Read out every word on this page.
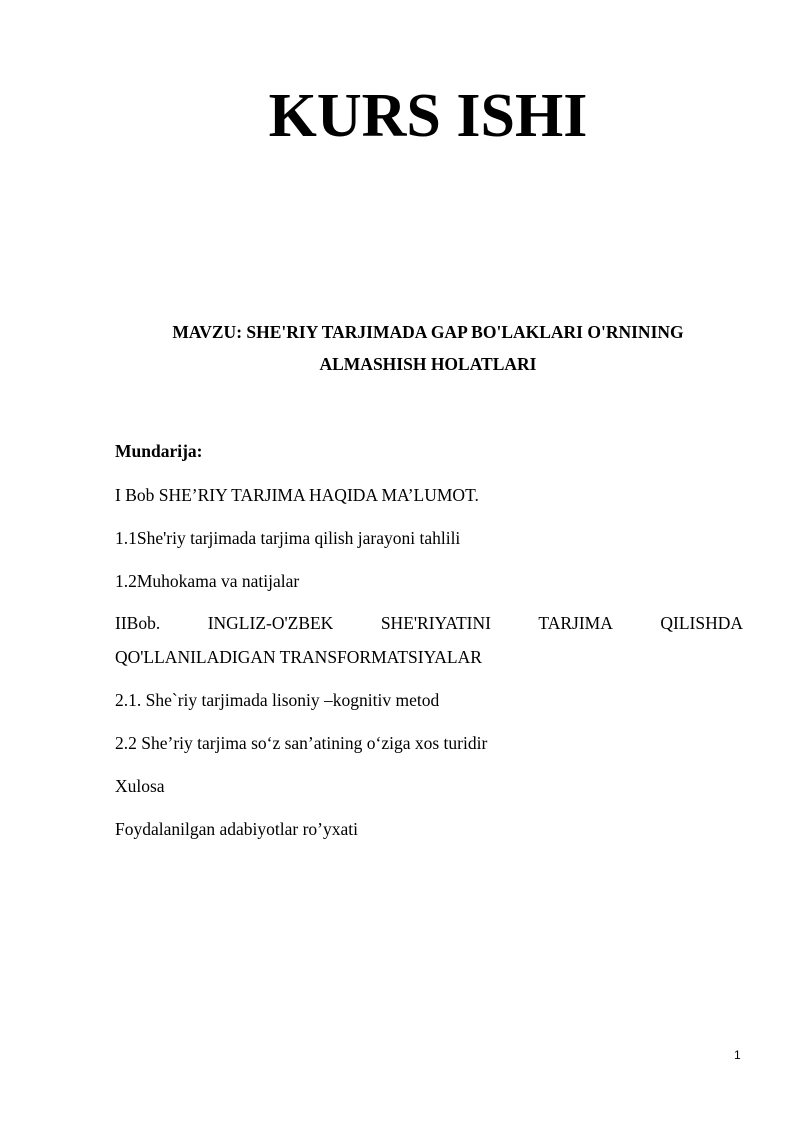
KURS ISHI
MAVZU: SHE'RIY TARJIMADA GAP BO'LAKLARI O'RNINING
ALMASHISH HOLATLARI
Mundarija:
I Bob SHE’RIY TARJIMA HAQIDA MA’LUMOT.
1.1She'riy tarjimada tarjima qilish jarayoni tahlili
1.2Muhokama va natijalar
IIBob.	INGLIZ-O'ZBEK	SHE'RIYATINI	TARJIMA	QILISHDA
QO'LLANILADIGAN TRANSFORMATSIYALAR
2.1. She`riy tarjimada lisoniy –kognitiv metod
2.2 She’riy tarjima so‘z san’atining o‘ziga xos turidir
Xulosa
Foydalanilgan adabiyotlar ro’yxati
1
